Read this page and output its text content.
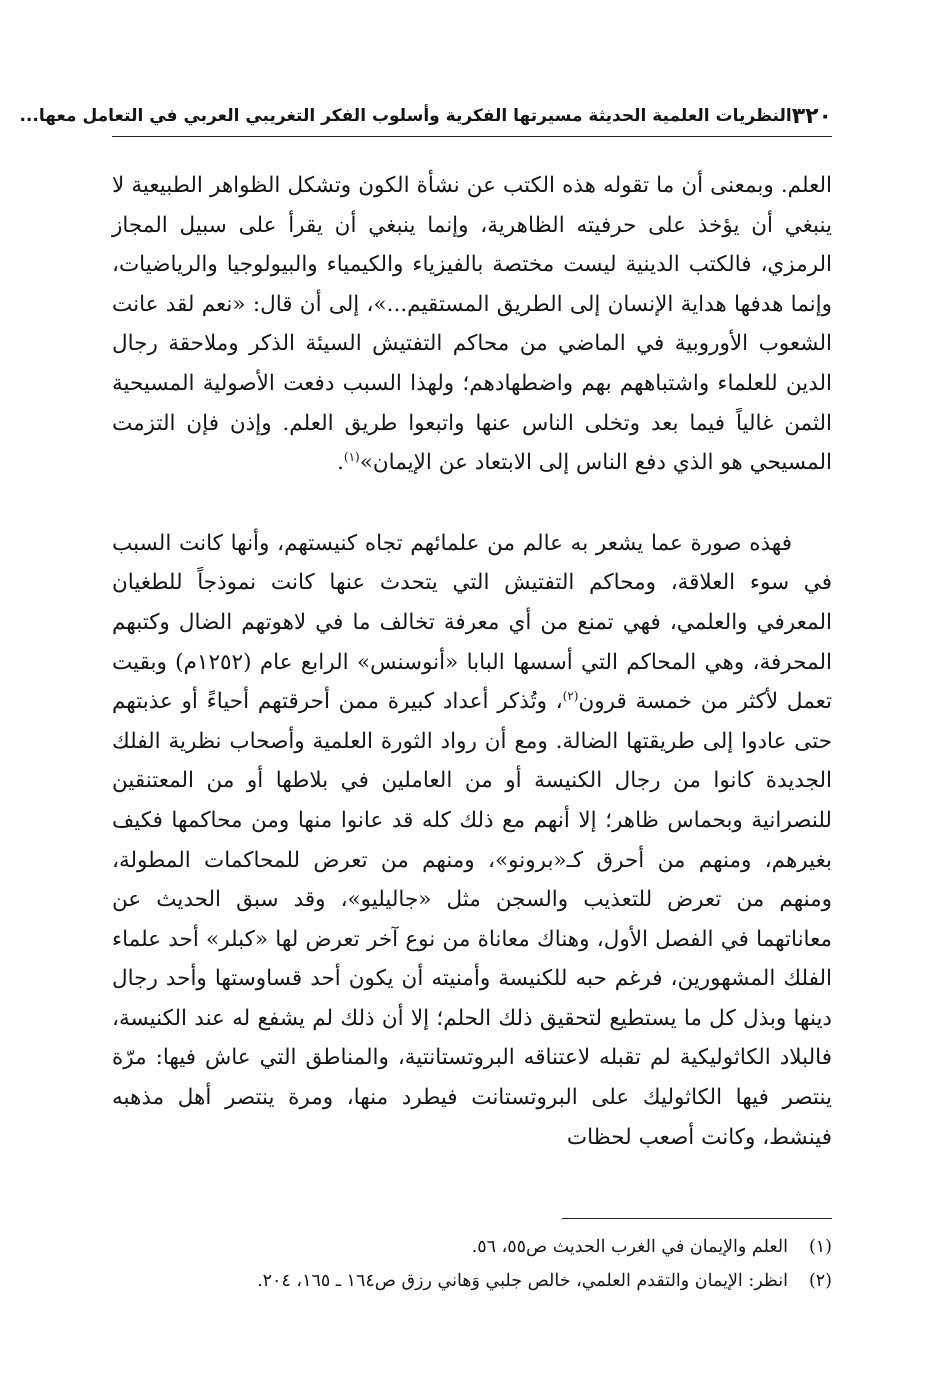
٣٢٠
النظريات العلمية الحديثة مسيرتها الفكرية وأسلوب الفكر التغريبي العربي في التعامل معها...

العلم. وبمعنى أن ما تقوله هذه الكتب عن نشأة الكون وتشكل الظواهر الطبيعية لا ينبغي أن يؤخذ على حرفيته الظاهرية، وإنما ينبغي أن يقرأ على سبيل المجاز الرمزي، فالكتب الدينية ليست مختصة بالفيزياء والكيمياء والبيولوجيا والرياضيات، وإنما هدفها هداية الإنسان إلى الطريق المستقيم...»، إلى أن قال: «نعم لقد عانت الشعوب الأوروبية في الماضي من محاكم التفتيش السيئة الذكر وملاحقة رجال الدين للعلماء واشتباههم بهم واضطهادهم؛ ولهذا السبب دفعت الأصولية المسيحية الثمن غالياً فيما بعد وتخلى الناس عنها واتبعوا طريق العلم. وإذن فإن التزمت المسيحي هو الذي دفع الناس إلى الابتعاد عن الإيمان»$^{(١)}$.

فهذه صورة عما يشعر به عالم من علمائهم تجاه كنيستهم، وأنها كانت السبب في سوء العلاقة، ومحاكم التفتيش التي يتحدث عنها كانت نموذجاً للطغيان المعرفي والعلمي، فهي تمنع من أي معرفة تخالف ما في لاهوتهم الضال وكتبهم المحرفة، وهي المحاكم التي أسسها البابا «أنوسنس» الرابع عام (١٢٥٢م) وبقيت تعمل لأكثر من خمسة قرون$^{(٢)}$، وتُذكر أعداد كبيرة ممن أحرقتهم أحياءً أو عذبتهم حتى عادوا إلى طريقتها الضالة. ومع أن رواد الثورة العلمية وأصحاب نظرية الفلك الجديدة كانوا من رجال الكنيسة أو من العاملين في بلاطها أو من المعتنقين للنصرانية وبحماس ظاهر؛ إلا أنهم مع ذلك كله قد عانوا منها ومن محاكمها فكيف بغيرهم، ومنهم من أحرق كـ«برونو»، ومنهم من تعرض للمحاكمات المطولة، ومنهم من تعرض للتعذيب والسجن مثل «جاليليو»، وقد سبق الحديث عن معاناتهما في الفصل الأول، وهناك معاناة من نوع آخر تعرض لها «كبلر» أحد علماء الفلك المشهورين، فرغم حبه للكنيسة وأمنيته أن يكون أحد قساوستها وأحد رجال دينها وبذل كل ما يستطيع لتحقيق ذلك الحلم؛ إلا أن ذلك لم يشفع له عند الكنيسة، فالبلاد الكاثوليكية لم تقبله لاعتناقه البروتستانتية، والمناطق التي عاش فيها: مرّة ينتصر فيها الكاثوليك على البروتستانت فيطرد منها، ومرة ينتصر أهل مذهبه فينشط، وكانت أصعب لحظات

(١)
العلم والإيمان في الغرب الحديث ص٥٥، ٥٦.
(٢)
انظر: الإيمان والتقدم العلمي، خالص جلبي وَهاني رزق ص١٦٤ ـ ١٦٥، ٢٠٤.
